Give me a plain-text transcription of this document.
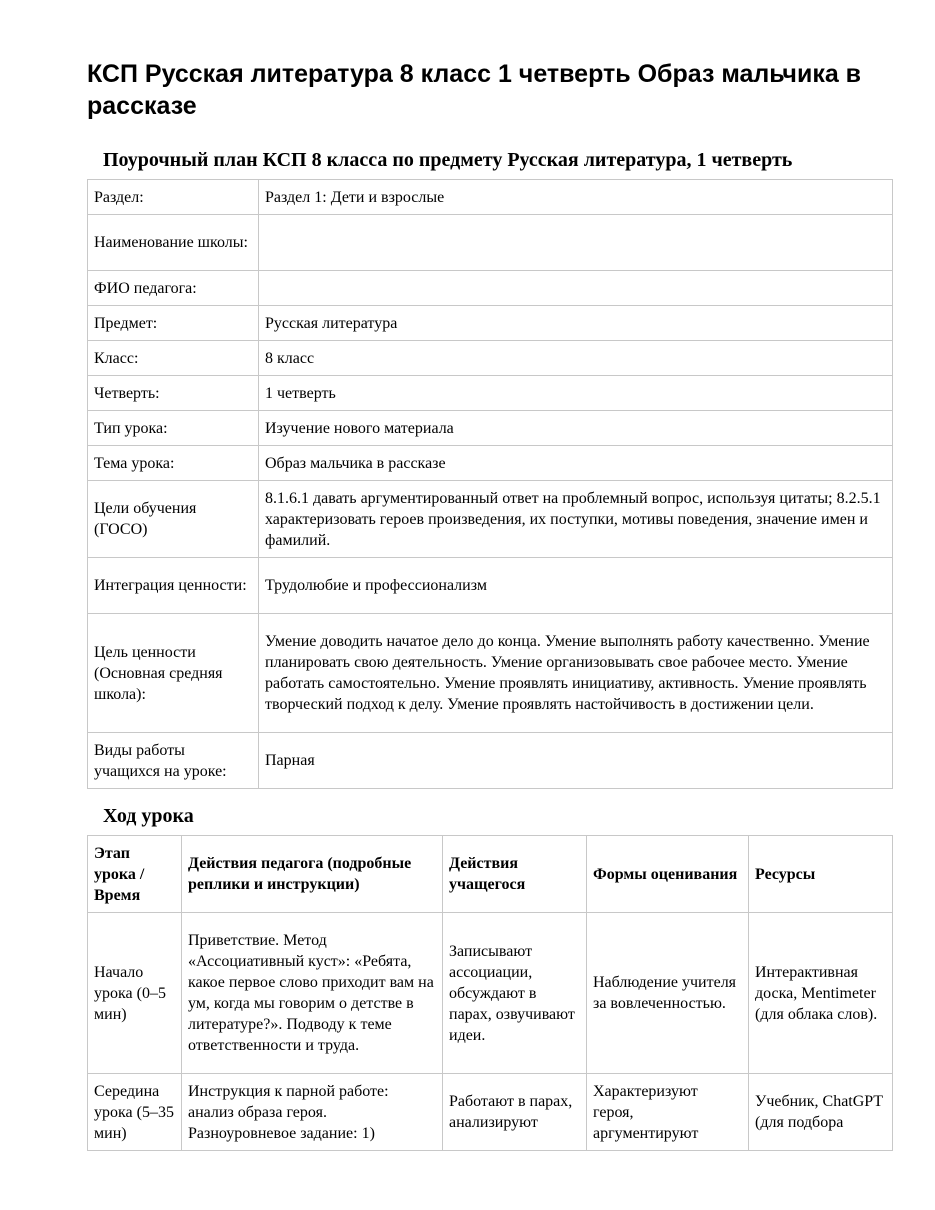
КСП Русская литература 8 класс 1 четверть Образ мальчика в рассказе
Поурочный план КСП 8 класса по предмету Русская литература, 1 четверть
Раздел:	Раздел 1: Дети и взрослые
Наименование школы:	
ФИО педагога:	
Предмет:	Русская литература
Класс:	8 класс
Четверть:	1 четверть
Тип урока:	Изучение нового материала
Тема урока:	Образ мальчика в рассказе
Цели обучения (ГОСО)	8.1.6.1 давать аргументированный ответ на проблемный вопрос, используя цитаты; 8.2.5.1 характеризовать героев произведения, их поступки, мотивы поведения, значение имен и фамилий.
Интеграция ценности:	Трудолюбие и профессионализм
Цель ценности (Основная средняя школа):	Умение доводить начатое дело до конца. Умение выполнять работу качественно. Умение планировать свою деятельность. Умение организовывать свое рабочее место. Умение работать самостоятельно. Умение проявлять инициативу, активность. Умение проявлять творческий подход к делу. Умение проявлять настойчивость в достижении цели.
Виды работы учащихся на уроке:	Парная
Ход урока
Этап урока / Время	Действия педагога (подробные реплики и инструкции)	Действия учащегося	Формы оценивания	Ресурсы
Начало урока (0–5 мин)	Приветствие. Метод «Ассоциативный куст»: «Ребята, какое первое слово приходит вам на ум, когда мы говорим о детстве в литературе?». Подводу к теме ответственности и труда.	Записывают ассоциации, обсуждают в парах, озвучивают идеи.	Наблюдение учителя за вовлеченностью.	Интерактивная доска, Mentimeter (для облака слов).
Середина урока (5–35 мин)	Инструкция к парной работе: анализ образа героя. Разноуровневое задание: 1)	Работают в парах, анализируют	Характеризуют героя, аргументируют	Учебник, ChatGPT (для подбора
